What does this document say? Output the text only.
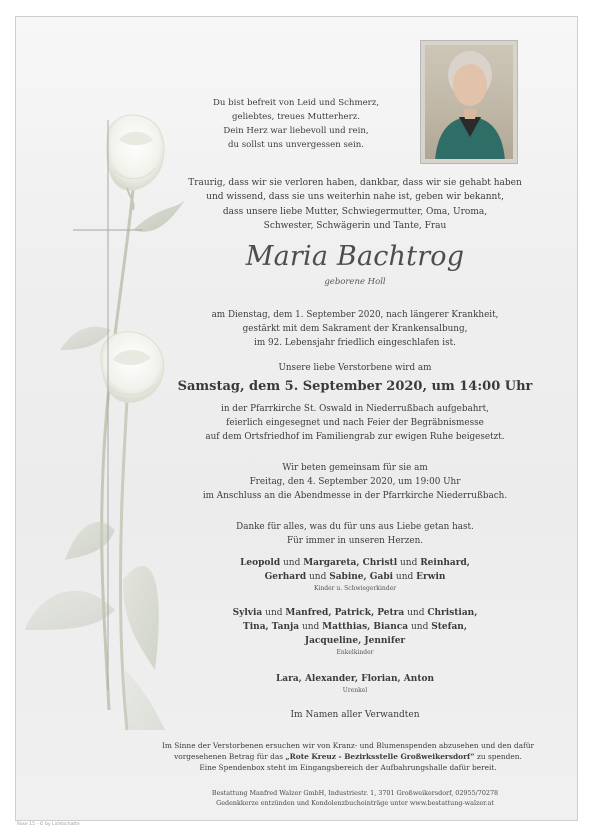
Rose 15 · © by Lichtschatte
Du bist befreit von Leid und Schmerz,
geliebtes, treues Mutterherz.
Dein Herz war liebevoll und rein,
du sollst uns unvergessen sein.
Traurig, dass wir sie verloren haben, dankbar, dass wir sie gehabt haben
und wissend, dass sie uns weiterhin nahe ist, geben wir bekannt,
dass unsere liebe Mutter, Schwiegermutter, Oma, Uroma,
Schwester, Schwägerin und Tante, Frau
Maria Bachtrog
geborene Holl
am Dienstag, dem 1. September 2020, nach längerer Krankheit,
gestärkt mit dem Sakrament der Krankensalbung,
im 92. Lebensjahr friedlich eingeschlafen ist.
Unsere liebe Verstorbene wird am
Samstag, dem 5. September 2020, um 14:00 Uhr
in der Pfarrkirche St. Oswald in Niederrußbach aufgebahrt,
feierlich eingesegnet und nach Feier der Begräbnismesse
auf dem Ortsfriedhof im Familiengrab zur ewigen Ruhe beigesetzt.
Wir beten gemeinsam für sie am
Freitag, den 4. September 2020, um 19:00 Uhr
im Anschluss an die Abendmesse in der Pfarrkirche Niederrußbach.
Danke für alles, was du für uns aus Liebe getan hast.
Für immer in unseren Herzen.
Leopold und Margareta, Christl und Reinhard,
Gerhard und Sabine, Gabi und Erwin
Kinder u. Schwiegerkinder
Sylvia und Manfred, Patrick, Petra und Christian,
Tina, Tanja und Matthias, Bianca und Stefan,
Jacqueline, Jennifer
Enkelkinder
Lara, Alexander, Florian, Anton
Urenkel
Im Namen aller Verwandten
Im Sinne der Verstorbenen ersuchen wir von Kranz- und Blumenspenden abzusehen und den dafür
vorgesehenen Betrag für das „Rote Kreuz - Bezirksstelle Großweikersdorf“ zu spenden.
Eine Spendenbox steht im Eingangsbereich der Aufbahrungshalle dafür bereit.
Bestattung Manfred Walzer GmbH, Industriestr. 1, 3701 Großweikersdorf, 02955/70278
Gedenkkerze entzünden und Kondolenzbucheinträge unter www.bestattung-walzer.at
